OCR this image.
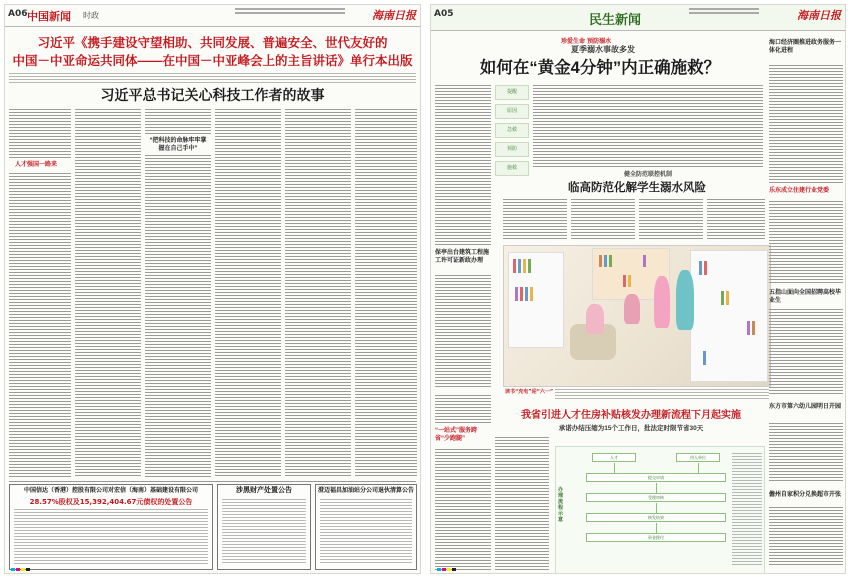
A06 中国新闻 时政	海南日报
习近平《携手建设守望相助、共同发展、普遍安全、世代友好的
中国－中亚命运共同体——在中国－中亚峰会上的主旨讲话》单行本出版
习近平总书记关心科技工作者的故事
人才强国一路来
“把科技的命脉牢牢掌握在自己手中”
中国信达（香港）控股有限公司对宏信（海南）基础建设有限公司
28.57%股权及15,392,404.67元债权的处置公告
涉黑财产处置公告	澄迈福昌加油站分公司退伙清算公告
A05	民生新闻	海南日报
珍爱生命 预防溺水
夏季溺水事故多发
如何在“黄金4分钟”内正确施救？
提醒
原因
急救
预防
施救
保亭出台建筑工程施工许可证新政办理
健全防范联控机制
临高防范化解学生溺水风险
读书“充电”迎“六一”
“一站式”服务跨省“少跑腿”
我省引进人才住房补贴核发办理新流程下月起实施
承诺办结压缩为15个工作日，批法定时限节省30天
办理流程示意
人才	用人单位
提交申请
受理审核
核发结果
资金拨付
海口经济圈推进政务服务一体化进程
乐东成立住建行业党委
五指山面向全国招聘高校毕业生
东方市第六幼儿园明日开园
儋州自家积分兑换超市开张
